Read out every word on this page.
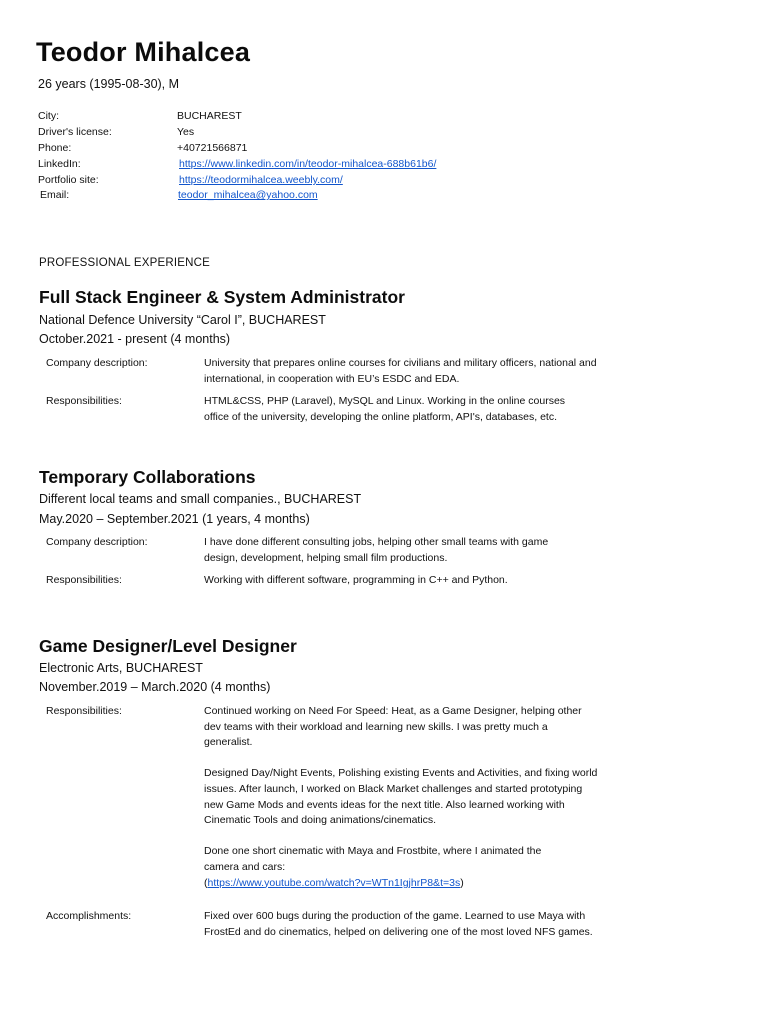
Teodor Mihalcea
26 years (1995-08-30), M
City:	BUCHAREST
Driver's license:	Yes
Phone:	+40721566871
LinkedIn:	https://www.linkedin.com/in/teodor-mihalcea-688b61b6/
Portfolio site:	https://teodormihalcea.weebly.com/
Email:	teodor_mihalcea@yahoo.com
PROFESSIONAL EXPERIENCE
Full Stack Engineer & System Administrator
National Defence University “Carol I”, BUCHAREST
October.2021 - present (4 months)
Company description:	University that prepares online courses for civilians and military officers, national and international, in cooperation with EU’s ESDC and EDA.

Responsibilities:	HTML&CSS, PHP (Laravel), MySQL and Linux. Working in the online courses office of the university, developing the online platform, API's, databases, etc.

Temporary Collaborations
Different local teams and small companies., BUCHAREST
May.2020 – September.2021 (1 years, 4 months)
Company description:	I have done different consulting jobs, helping other small teams with game design, development, helping small film productions.

Responsibilities:	Working with different software, programming in C++ and Python.

Game Designer/Level Designer
Electronic Arts, BUCHAREST
November.2019 – March.2020 (4 months)
Responsibilities:	Continued working on Need For Speed: Heat, as a Game Designer, helping other dev teams with their workload and learning new skills. I was pretty much a generalist.

Designed Day/Night Events, Polishing existing Events and Activities, and fixing world issues. After launch, I worked on Black Market challenges and started prototyping new Game Mods and events ideas for the next title. Also learned working with Cinematic Tools and doing animations/cinematics.

Done one short cinematic with Maya and Frostbite, where I animated the camera and cars:

(https://www.youtube.com/watch?v=WTn1IgjhrP8&t=3s)
Accomplishments:	Fixed over 600 bugs during the production of the game. Learned to use Maya with FrostEd and do cinematics, helped on delivering one of the most loved NFS games.
